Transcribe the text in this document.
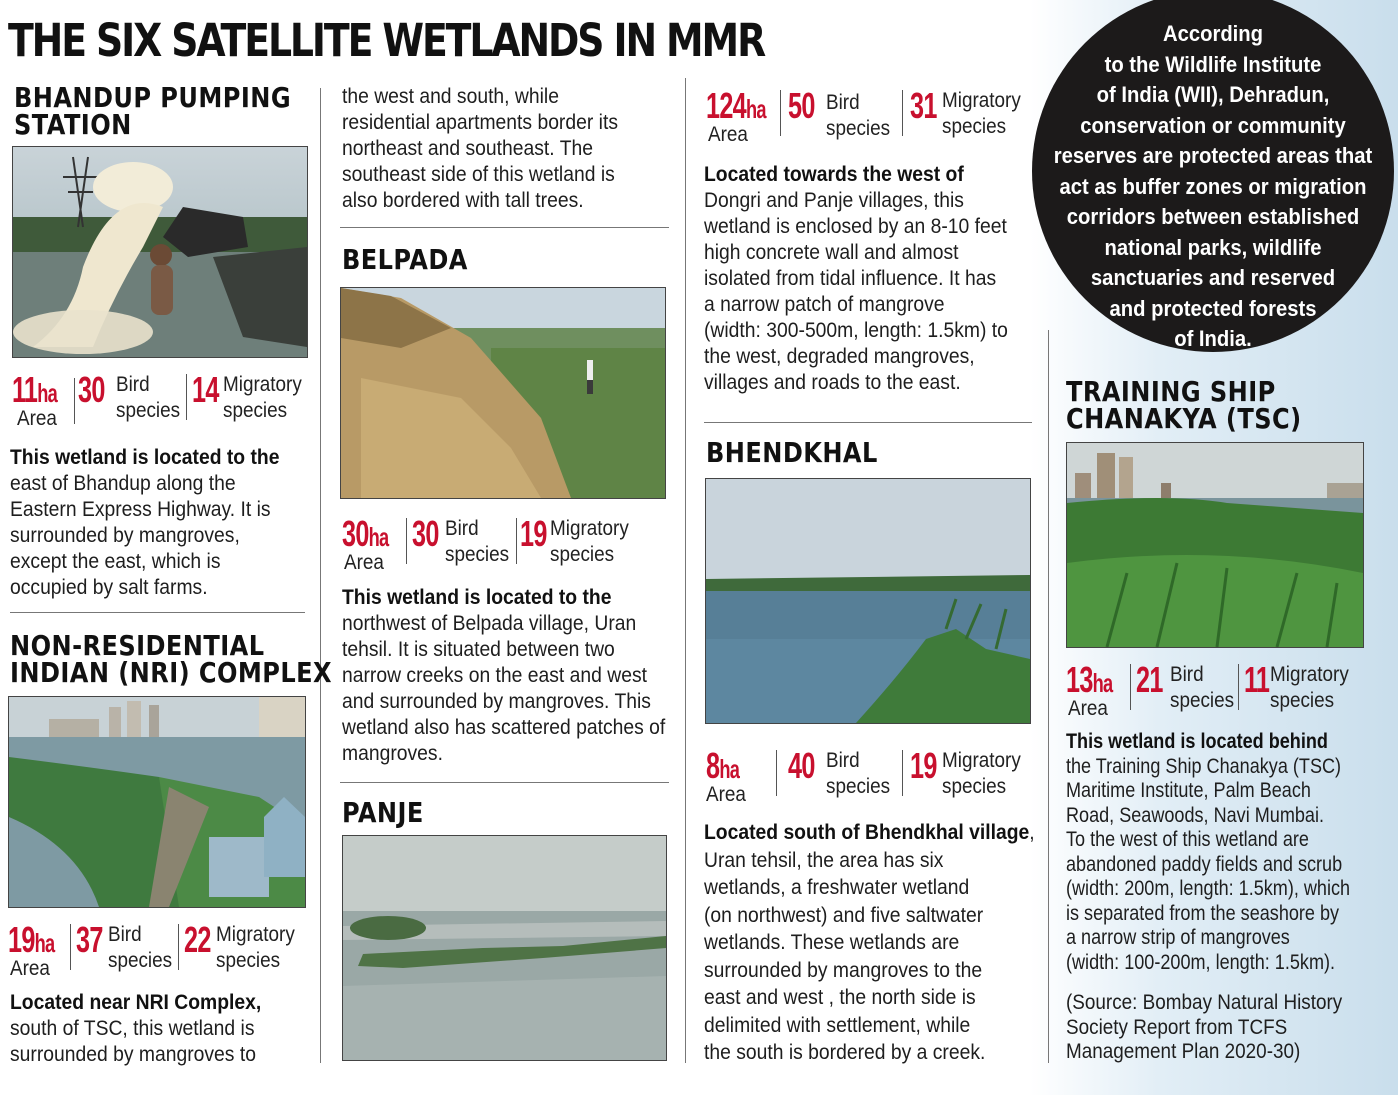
THE SIX SATELLITE WETLANDS IN MMR
BHANDUP PUMPING
STATION
11ha
Area
30 Bird
species
14 Migratory
species

This wetland is located to the
east of Bhandup along the
Eastern Express Highway. It is
surrounded by mangroves,
except the east, which is
occupied by salt farms.

NON-RESIDENTIAL
INDIAN (NRI) COMPLEX
19ha
Area
37 Bird
species
22 Migratory
species

Located near NRI Complex,
south of TSC, this wetland is
surrounded by mangroves to

the west and south, while
residential apartments border its
northeast and southeast. The
southeast side of this wetland is
also bordered with tall trees.

BELPADA
30ha
Area
30 Bird
species
19 Migratory
species

This wetland is located to the
northwest of Belpada village, Uran
tehsil. It is situated between two
narrow creeks on the east and west
and surrounded by mangroves. This
wetland also has scattered patches of
mangroves.

PANJE
124ha
Area
50 Bird
species
31 Migratory
species

Located towards the west of
Dongri and Panje villages, this
wetland is enclosed by an 8-10 feet
high concrete wall and almost
isolated from tidal influence. It has
a narrow patch of mangrove
(width: 300-500m, length: 1.5km) to
the west, degraded mangroves,
villages and roads to the east.

BHENDKHAL
8ha
Area
40 Bird
species
19 Migratory
species

Located south of Bhendkhal village,
Uran tehsil, the area has six
wetlands, a freshwater wetland
(on northwest) and five saltwater
wetlands. These wetlands are
surrounded by mangroves to the
east and west , the north side is
delimited with settlement, while
the south is bordered by a creek.

According
to the Wildlife Institute
of India (WII), Dehradun,
conservation or community
reserves are protected areas that
act as buffer zones or migration
corridors between established
national parks, wildlife
sanctuaries and reserved
and protected forests
of India.

TRAINING SHIP
CHANAKYA (TSC)
13ha
Area
21 Bird
species
11 Migratory
species

This wetland is located behind
the Training Ship Chanakya (TSC)
Maritime Institute, Palm Beach
Road, Seawoods, Navi Mumbai.
To the west of this wetland are
abandoned paddy fields and scrub
(width: 200m, length: 1.5km), which
is separated from the seashore by
a narrow strip of mangroves
(width: 100-200m, length: 1.5km).

(Source: Bombay Natural History
Society Report from TCFS
Management Plan 2020-30)
